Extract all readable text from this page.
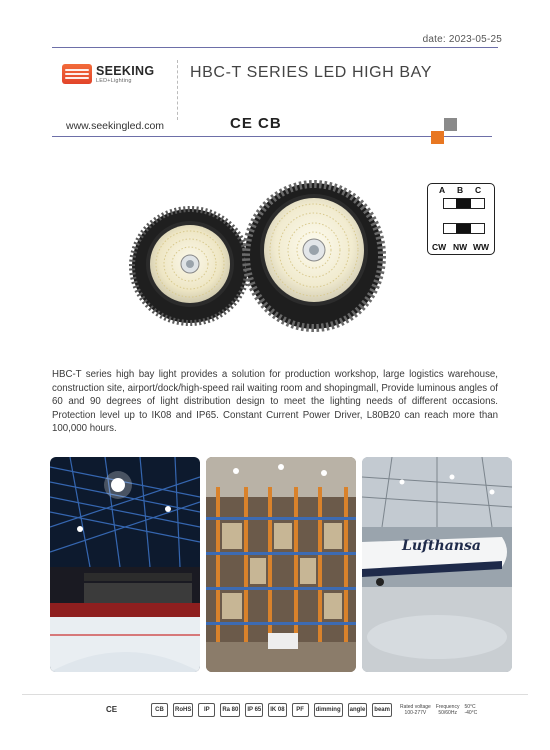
date: 2023-05-25
SEEKING
LED+Lighting	HBC-T SERIES LED HIGH BAY
www.seekingled.com	CE CB
A B C
CW NW WW
HBC-T series high bay light provides a solution for production workshop, large logistics warehouse, construction site, airport/dock/high-speed rail waiting room and shopingmall, Provide luminous angles of 60 and 90 degrees of light distribution design to meet the lighting needs of different occasions. Protection level up to IK08 and IP65. Constant Current Power Driver, L80B20 can reach more than 100,000 hours.
Lufthansa
CE	CB	RoHS	IP	Ra 80	IP 65	IK 08	PF	dimming	angle	beam	Rated voltage
100-277V
Frequency
50/60Hz
50°C
-40°C
